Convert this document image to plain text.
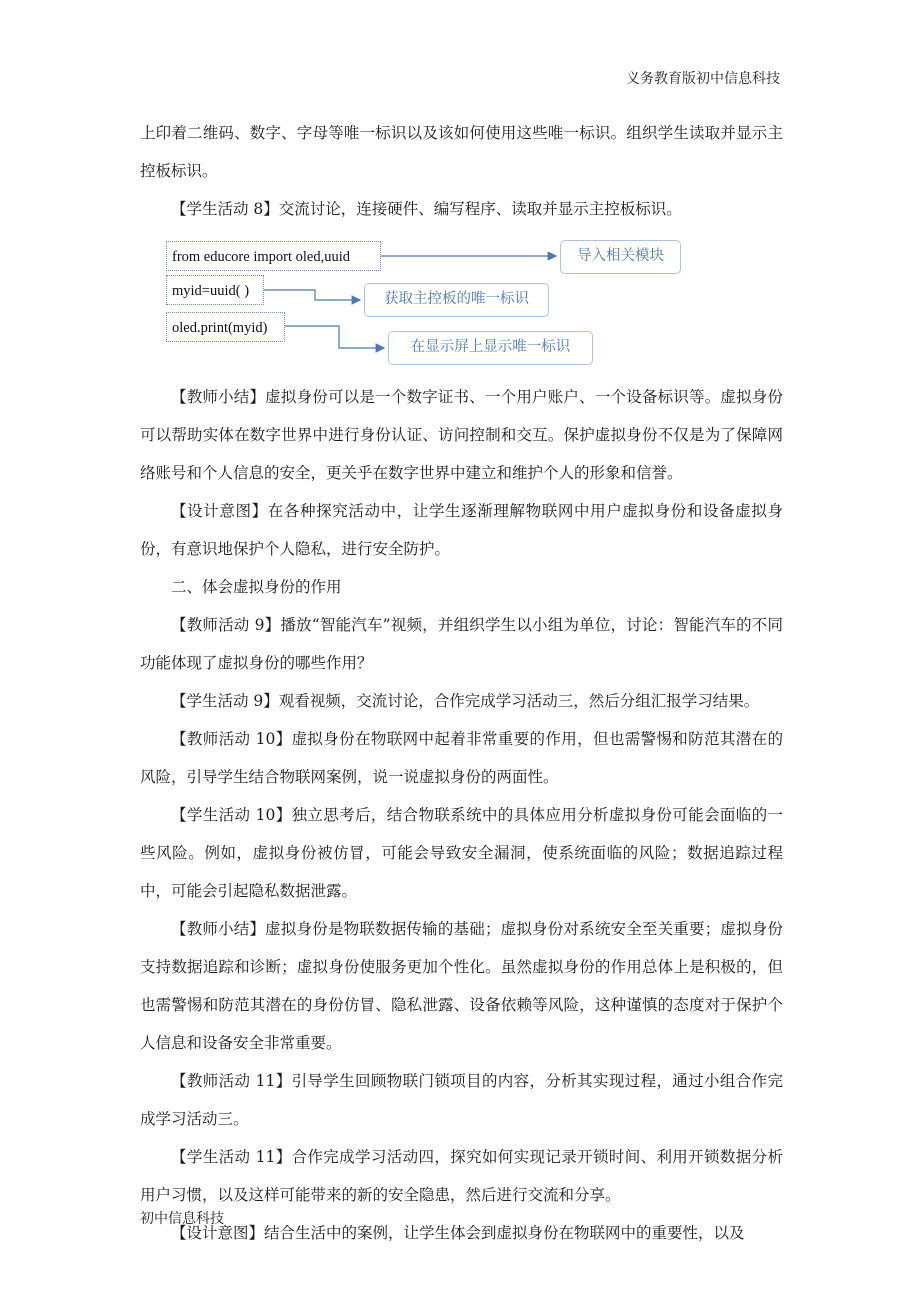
义务教育版初中信息科技

上印着二维码、数字、字母等唯一标识以及该如何使用这些唯一标识。组织学生读取并显示主控板标识。

【学生活动 8】交流讨论，连接硬件、编写程序、读取并显示主控板标识。

from educore import oled,uuid
myid=uuid( )
oled.print(myid)
导入相关模块
获取主控板的唯一标识
在显示屏上显示唯一标识

【教师小结】虚拟身份可以是一个数字证书、一个用户账户、一个设备标识等。虚拟身份可以帮助实体在数字世界中进行身份认证、访问控制和交互。保护虚拟身份不仅是为了保障网络账号和个人信息的安全，更关乎在数字世界中建立和维护个人的形象和信誉。

【设计意图】在各种探究活动中，让学生逐渐理解物联网中用户虚拟身份和设备虚拟身份，有意识地保护个人隐私，进行安全防护。

二、体会虚拟身份的作用

【教师活动 9】播放“智能汽车”视频，并组织学生以小组为单位，讨论：智能汽车的不同功能体现了虚拟身份的哪些作用？

【学生活动 9】观看视频，交流讨论，合作完成学习活动三，然后分组汇报学习结果。

【教师活动 10】虚拟身份在物联网中起着非常重要的作用，但也需警惕和防范其潜在的风险，引导学生结合物联网案例，说一说虚拟身份的两面性。

【学生活动 10】独立思考后，结合物联系统中的具体应用分析虚拟身份可能会面临的一些风险。例如，虚拟身份被仿冒，可能会导致安全漏洞，使系统面临的风险；数据追踪过程中，可能会引起隐私数据泄露。

【教师小结】虚拟身份是物联数据传输的基础；虚拟身份对系统安全至关重要；虚拟身份支持数据追踪和诊断；虚拟身份使服务更加个性化。虽然虚拟身份的作用总体上是积极的，但也需警惕和防范其潜在的身份仿冒、隐私泄露、设备依赖等风险，这种谨慎的态度对于保护个人信息和设备安全非常重要。

【教师活动 11】引导学生回顾物联门锁项目的内容，分析其实现过程，通过小组合作完成学习活动三。

【学生活动 11】合作完成学习活动四，探究如何实现记录开锁时间、利用开锁数据分析用户习惯，以及这样可能带来的新的安全隐患，然后进行交流和分享。

【设计意图】结合生活中的案例，让学生体会到虚拟身份在物联网中的重要性，以及

初中信息科技
